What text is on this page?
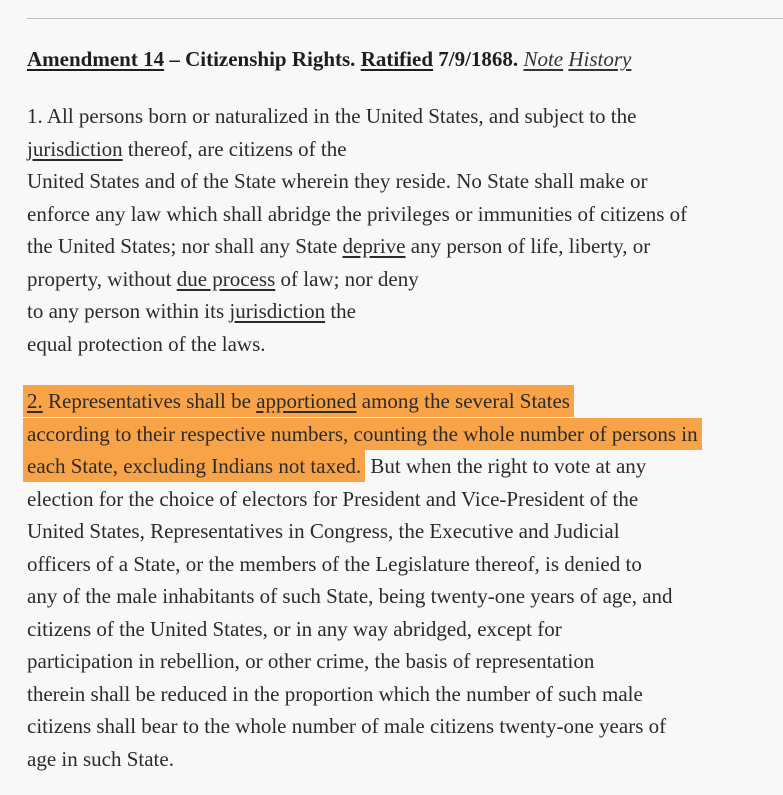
Amendment 14 – Citizenship Rights. Ratified 7/9/1868. Note History
1. All persons born or naturalized in the United States, and subject to the
jurisdiction thereof, are citizens of the
United States and of the State wherein they reside. No State shall make or
enforce any law which shall abridge the privileges or immunities of citizens of
the United States; nor shall any State deprive any person of life, liberty, or
property, without due process of law; nor deny
to any person within its jurisdiction the
equal protection of the laws.
2. Representatives shall be apportioned among the several States
according to their respective numbers, counting the whole number of persons in
each State, excluding Indians not taxed. But when the right to vote at any
election for the choice of electors for President and Vice-President of the
United States, Representatives in Congress, the Executive and Judicial
officers of a State, or the members of the Legislature thereof, is denied to
any of the male inhabitants of such State, being twenty-one years of age, and
citizens of the United States, or in any way abridged, except for
participation in rebellion, or other crime, the basis of representation
therein shall be reduced in the proportion which the number of such male
citizens shall bear to the whole number of male citizens twenty-one years of
age in such State.
